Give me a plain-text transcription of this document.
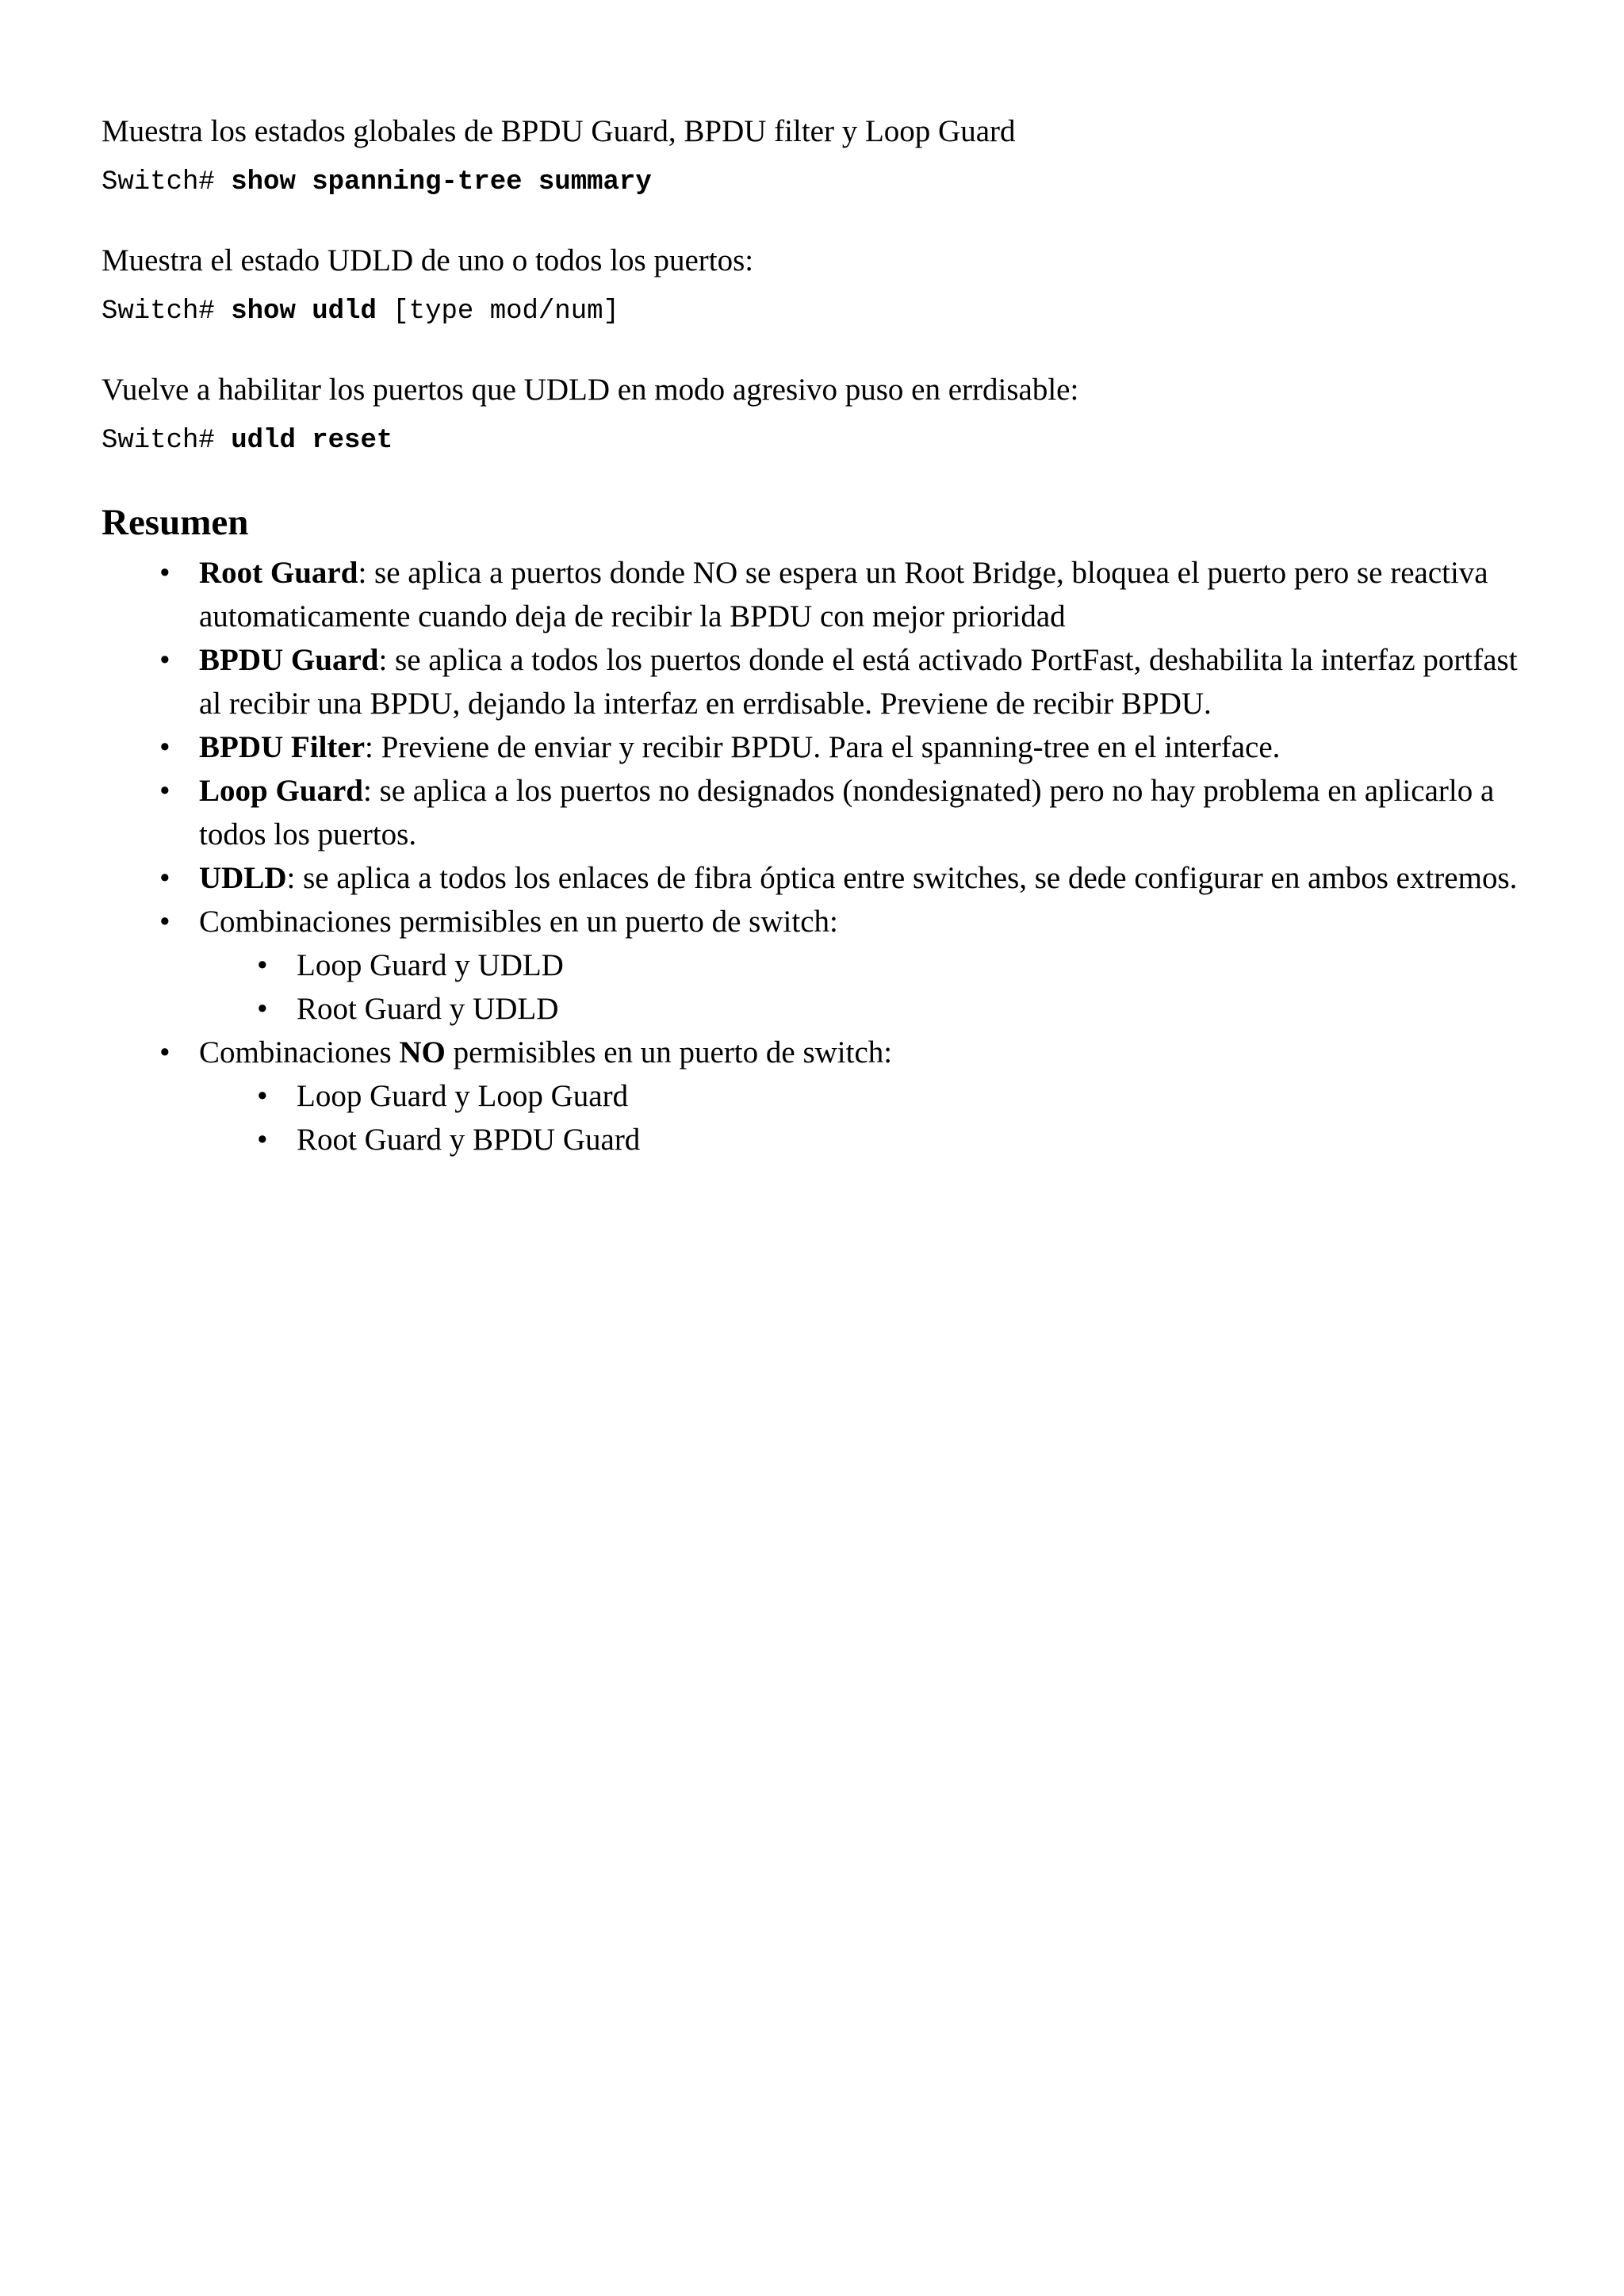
Muestra los estados globales de BPDU Guard, BPDU filter y Loop Guard

Switch# show spanning-tree summary

Muestra el estado UDLD de uno o todos los puertos:

Switch# show udld [type mod/num]

Vuelve a habilitar los puertos que UDLD en modo agresivo puso en errdisable:

Switch# udld reset

Resumen
• Root Guard: se aplica a puertos donde NO se espera un Root Bridge, bloquea el puerto pero se reactiva automaticamente cuando deja de recibir la BPDU con mejor prioridad
• BPDU Guard: se aplica a todos los puertos donde el está activado PortFast, deshabilita la interfaz portfast al recibir una BPDU, dejando la interfaz en errdisable. Previene de recibir BPDU.
• BPDU Filter: Previene de enviar y recibir BPDU. Para el spanning-tree en el interface.
• Loop Guard: se aplica a los puertos no designados (nondesignated) pero no hay problema en aplicarlo a todos los puertos.
• UDLD: se aplica a todos los enlaces de fibra óptica entre switches, se dede configurar en ambos extremos.
• Combinaciones permisibles en un puerto de switch:
• Loop Guard y UDLD
• Root Guard y UDLD
• Combinaciones NO permisibles en un puerto de switch:
• Loop Guard y Loop Guard
• Root Guard y BPDU Guard
